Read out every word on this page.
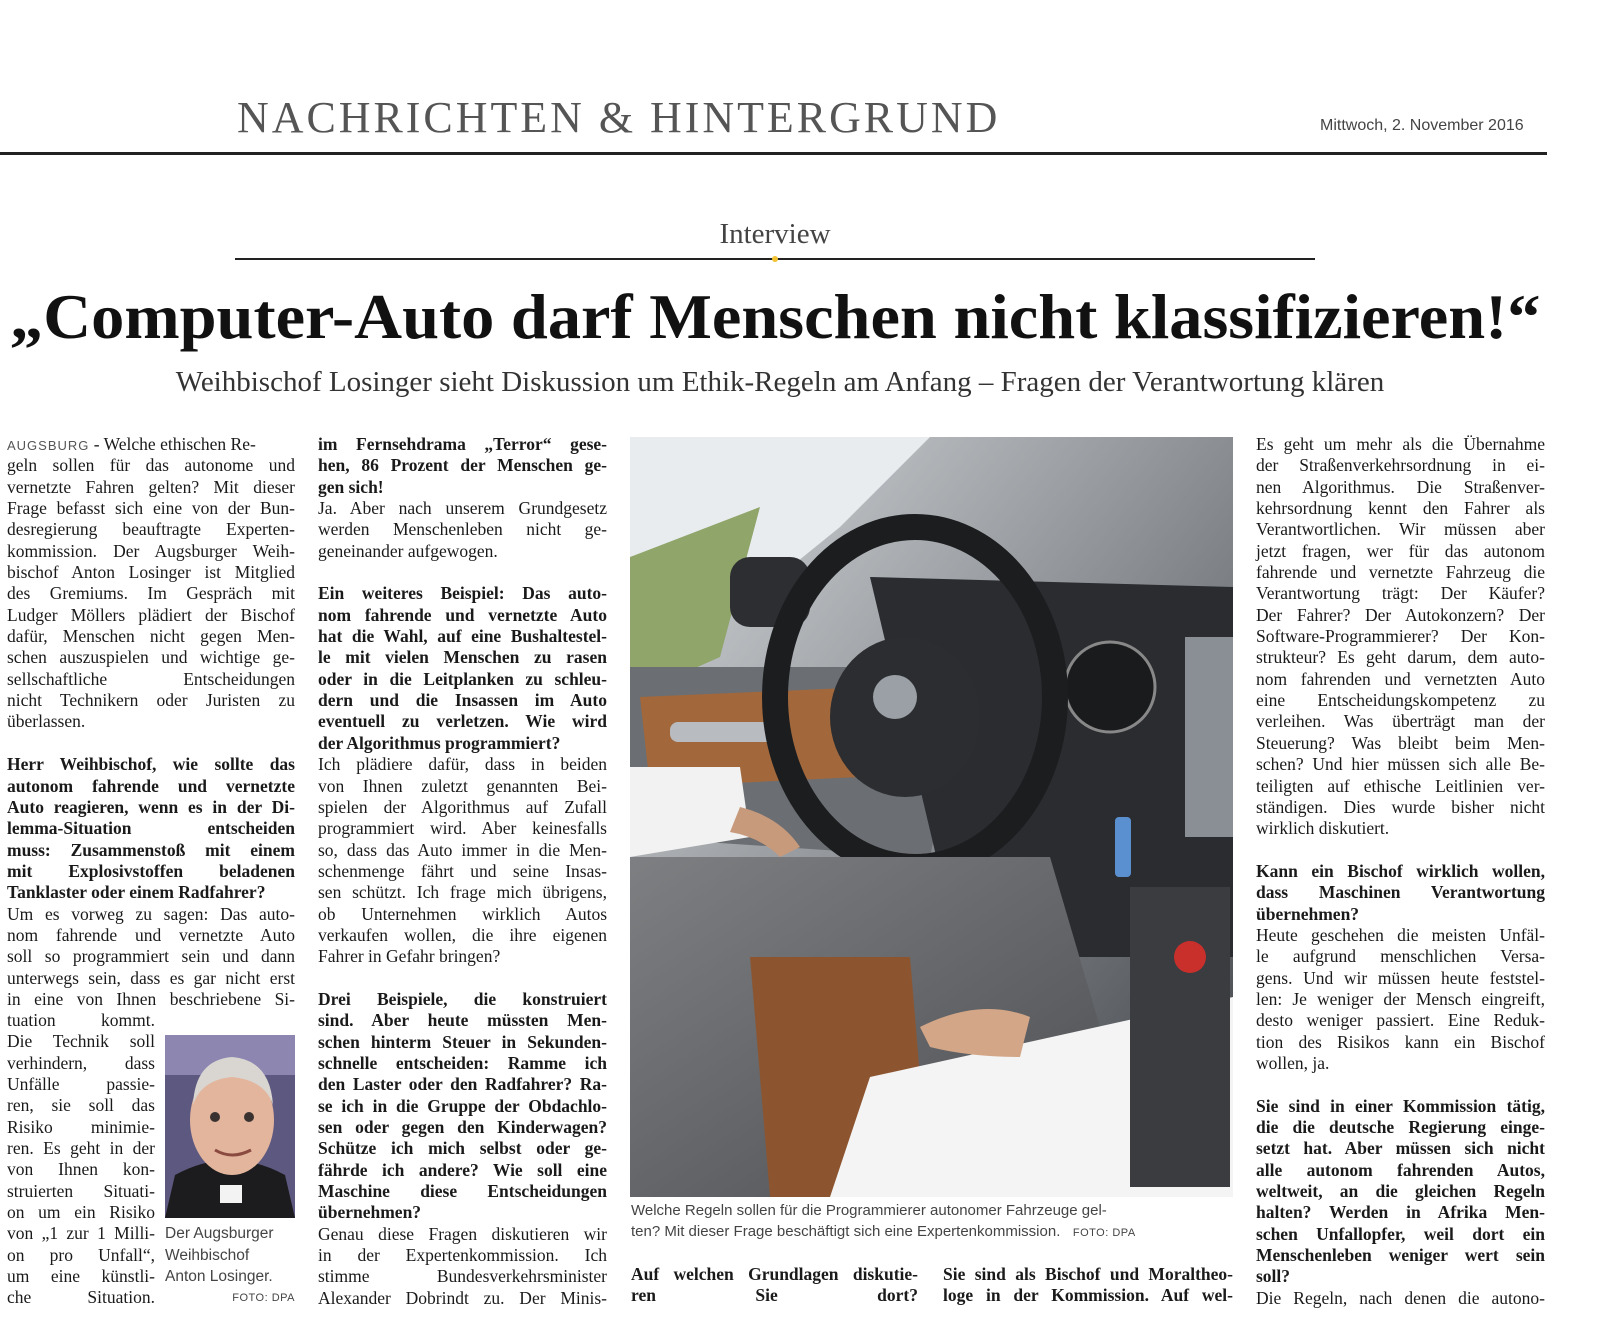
NACHRICHTEN & HINTERGRUND	Mittwoch, 2. November 2016
Interview
„Computer-Auto darf Menschen nicht klassifizieren!“
Weihbischof Losinger sieht Diskussion um Ethik-Regeln am Anfang – Fragen der Verantwortung klären
AUGSBURG - Welche ethischen Re-
geln sollen für das autonome und
vernetzte Fahren gelten? Mit dieser
Frage befasst sich eine von der Bun-
desregierung beauftragte Experten-
kommission. Der Augsburger Weih-
bischof Anton Losinger ist Mitglied
des Gremiums. Im Gespräch mit
Ludger Möllers plädiert der Bischof
dafür, Menschen nicht gegen Men-
schen auszuspielen und wichtige ge-
sellschaftliche Entscheidungen
nicht Technikern oder Juristen zu
überlassen.
Herr Weihbischof, wie sollte das
autonom fahrende und vernetzte
Auto reagieren, wenn es in der Di-
lemma-Situation entscheiden
muss: Zusammenstoß mit einem
mit Explosivstoffen beladenen
Tanklaster oder einem Radfahrer?
Um es vorweg zu sagen: Das auto-
nom fahrende und vernetzte Auto
soll so programmiert sein und dann
unterwegs sein, dass es gar nicht erst
in eine von Ihnen beschriebene Si-
tuation kommt.
Die Technik soll
verhindern, dass
Unfälle passie-
ren, sie soll das
Risiko minimie-
ren. Es geht in der
von Ihnen kon-
struierten Situati-
on um ein Risiko
von „1 zur 1 Milli-
on pro Unfall“,
um eine künstli-
che Situation.
im Fernsehdrama „Terror“ gese-
hen, 86 Prozent der Menschen ge-
gen sich!
Ja. Aber nach unserem Grundgesetz
werden Menschenleben nicht ge-
geneinander aufgewogen.
Ein weiteres Beispiel: Das auto-
nom fahrende und vernetzte Auto
hat die Wahl, auf eine Bushaltestel-
le mit vielen Menschen zu rasen
oder in die Leitplanken zu schleu-
dern und die Insassen im Auto
eventuell zu verletzen. Wie wird
der Algorithmus programmiert?
Ich plädiere dafür, dass in beiden
von Ihnen zuletzt genannten Bei-
spielen der Algorithmus auf Zufall
programmiert wird. Aber keinesfalls
so, dass das Auto immer in die Men-
schenmenge fährt und seine Insas-
sen schützt. Ich frage mich übrigens,
ob Unternehmen wirklich Autos
verkaufen wollen, die ihre eigenen
Fahrer in Gefahr bringen?
Drei Beispiele, die konstruiert
sind. Aber heute müssten Men-
schen hinterm Steuer in Sekunden-
schnelle entscheiden: Ramme ich
den Laster oder den Radfahrer? Ra-
se ich in die Gruppe der Obdachlo-
sen oder gegen den Kinderwagen?
Schütze ich mich selbst oder ge-
fährde ich andere? Wie soll eine
Maschine diese Entscheidungen
übernehmen?
Genau diese Fragen diskutieren wir
in der Expertenkommission. Ich
stimme Bundesverkehrsminister
Alexander Dobrindt zu. Der Minis-
Auf welchen Grundlagen diskutie-
ren Sie dort?
Sie sind als Bischof und Moraltheo-
loge in der Kommission. Auf wel-
Es geht um mehr als die Übernahme
der Straßenverkehrsordnung in ei-
nen Algorithmus. Die Straßenver-
kehrsordnung kennt den Fahrer als
Verantwortlichen. Wir müssen aber
jetzt fragen, wer für das autonom
fahrende und vernetzte Fahrzeug die
Verantwortung trägt: Der Käufer?
Der Fahrer? Der Autokonzern? Der
Software-Programmierer? Der Kon-
strukteur? Es geht darum, dem auto-
nom fahrenden und vernetzten Auto
eine Entscheidungskompetenz zu
verleihen. Was überträgt man der
Steuerung? Was bleibt beim Men-
schen? Und hier müssen sich alle Be-
teiligten auf ethische Leitlinien ver-
ständigen. Dies wurde bisher nicht
wirklich diskutiert.
Kann ein Bischof wirklich wollen,
dass Maschinen Verantwortung
übernehmen?
Heute geschehen die meisten Unfäl-
le aufgrund menschlichen Versa-
gens. Und wir müssen heute feststel-
len: Je weniger der Mensch eingreift,
desto weniger passiert. Eine Reduk-
tion des Risikos kann ein Bischof
wollen, ja.
Sie sind in einer Kommission tätig,
die die deutsche Regierung einge-
setzt hat. Aber müssen sich nicht
alle autonom fahrenden Autos,
weltweit, an die gleichen Regeln
halten? Werden in Afrika Men-
schen Unfallopfer, weil dort ein
Menschenleben weniger wert sein
soll?
Die Regeln, nach denen die autono-
Welche Regeln sollen für die Programmierer autonomer Fahrzeuge gel-
ten? Mit dieser Frage beschäftigt sich eine Expertenkommission. FOTO: DPA
Der Augsburger
Weihbischof
Anton Losinger.
FOTO: DPA
